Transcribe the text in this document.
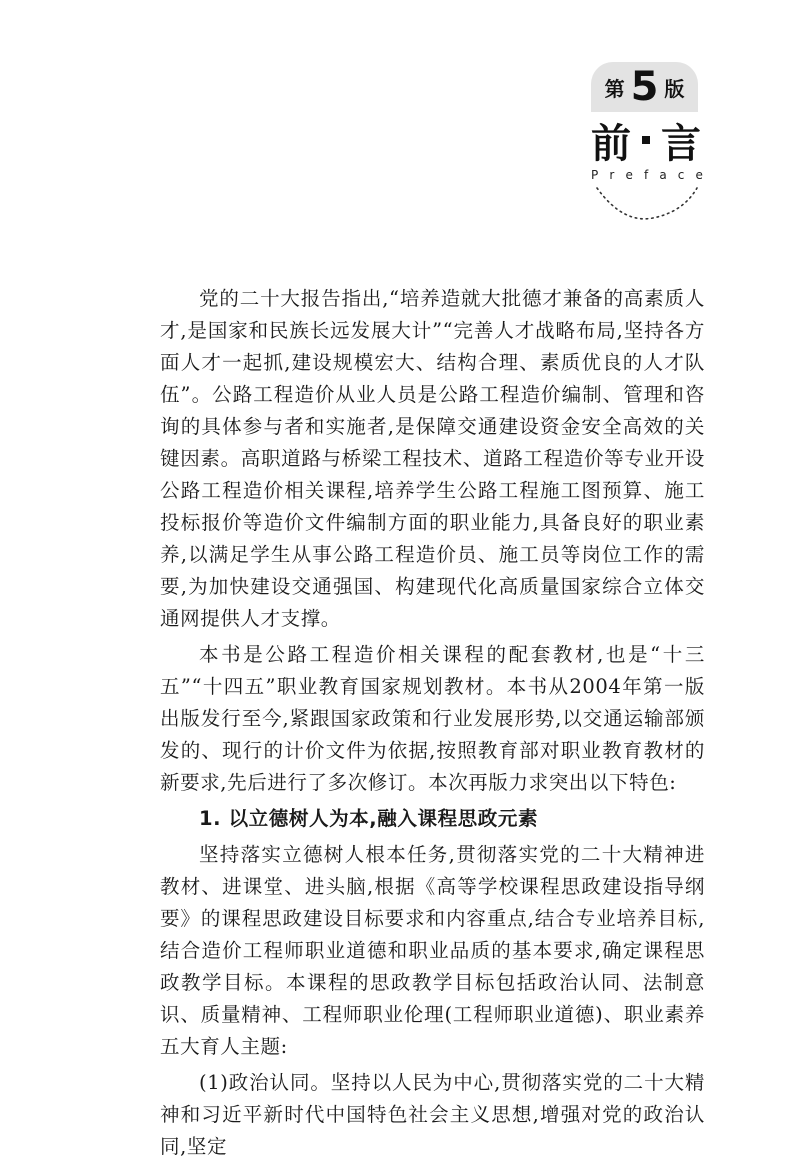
第 5 版
前 言
P r e f a c e

党的二十大报告指出,“培养造就大批德才兼备的高素质人才,是国家和民族长远发展大计”“完善人才战略布局,坚持各方面人才一起抓,建设规模宏大、结构合理、素质优良的人才队伍”。公路工程造价从业人员是公路工程造价编制、管理和咨询的具体参与者和实施者,是保障交通建设资金安全高效的关键因素。高职道路与桥梁工程技术、道路工程造价等专业开设公路工程造价相关课程,培养学生公路工程施工图预算、施工投标报价等造价文件编制方面的职业能力,具备良好的职业素养,以满足学生从事公路工程造价员、施工员等岗位工作的需要,为加快建设交通强国、构建现代化高质量国家综合立体交通网提供人才支撑。

本书是公路工程造价相关课程的配套教材,也是“十三五”“十四五”职业教育国家规划教材。本书从2004年第一版出版发行至今,紧跟国家政策和行业发展形势,以交通运输部颁发的、现行的计价文件为依据,按照教育部对职业教育教材的新要求,先后进行了多次修订。本次再版力求突出以下特色:

1. 以立德树人为本,融入课程思政元素

坚持落实立德树人根本任务,贯彻落实党的二十大精神进教材、进课堂、进头脑,根据《高等学校课程思政建设指导纲要》的课程思政建设目标要求和内容重点,结合专业培养目标,结合造价工程师职业道德和职业品质的基本要求,确定课程思政教学目标。本课程的思政教学目标包括政治认同、法制意识、质量精神、工程师职业伦理(工程师职业道德)、职业素养五大育人主题:

(1)政治认同。坚持以人民为中心,贯彻落实党的二十大精神和习近平新时代中国特色社会主义思想,增强对党的政治认同,坚定
